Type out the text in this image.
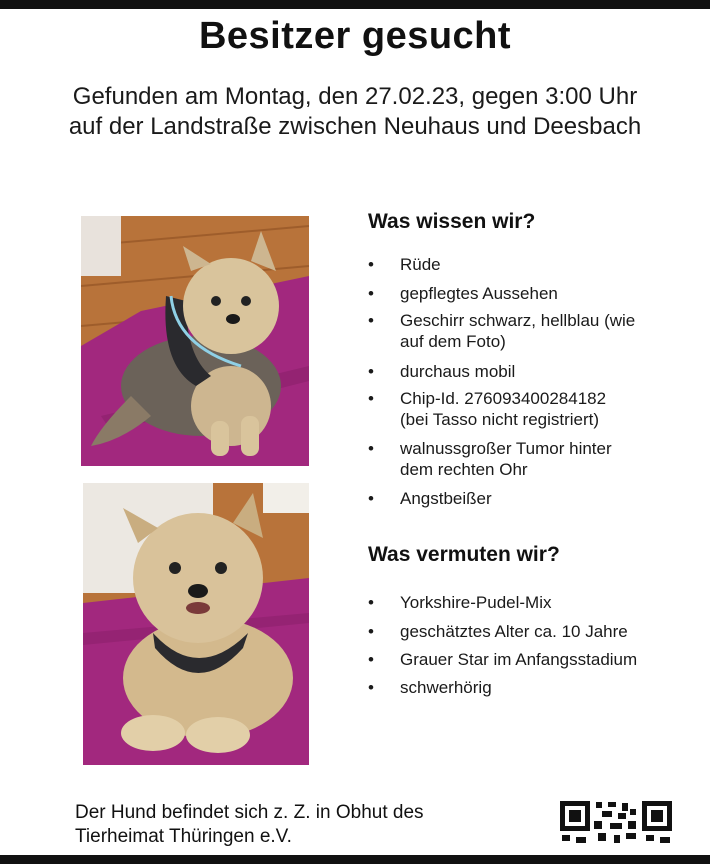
Besitzer gesucht
Gefunden am Montag, den 27.02.23, gegen 3:00 Uhr
auf der Landstraße zwischen Neuhaus und Deesbach
Was wissen wir?
• Rüde
• gepflegtes Aussehen
• Geschirr schwarz, hellblau (wie
auf dem Foto)
• durchaus mobil
• Chip-Id. 276093400284182
(bei Tasso nicht registriert)
• walnussgroßer Tumor hinter
dem rechten Ohr
• Angstbeißer
Was vermuten wir?
• Yorkshire-Pudel-Mix
• geschätztes Alter ca. 10 Jahre
• Grauer Star im Anfangsstadium
• schwerhörig
Der Hund befindet sich z. Z. in Obhut des
Tierheimat Thüringen e.V.
